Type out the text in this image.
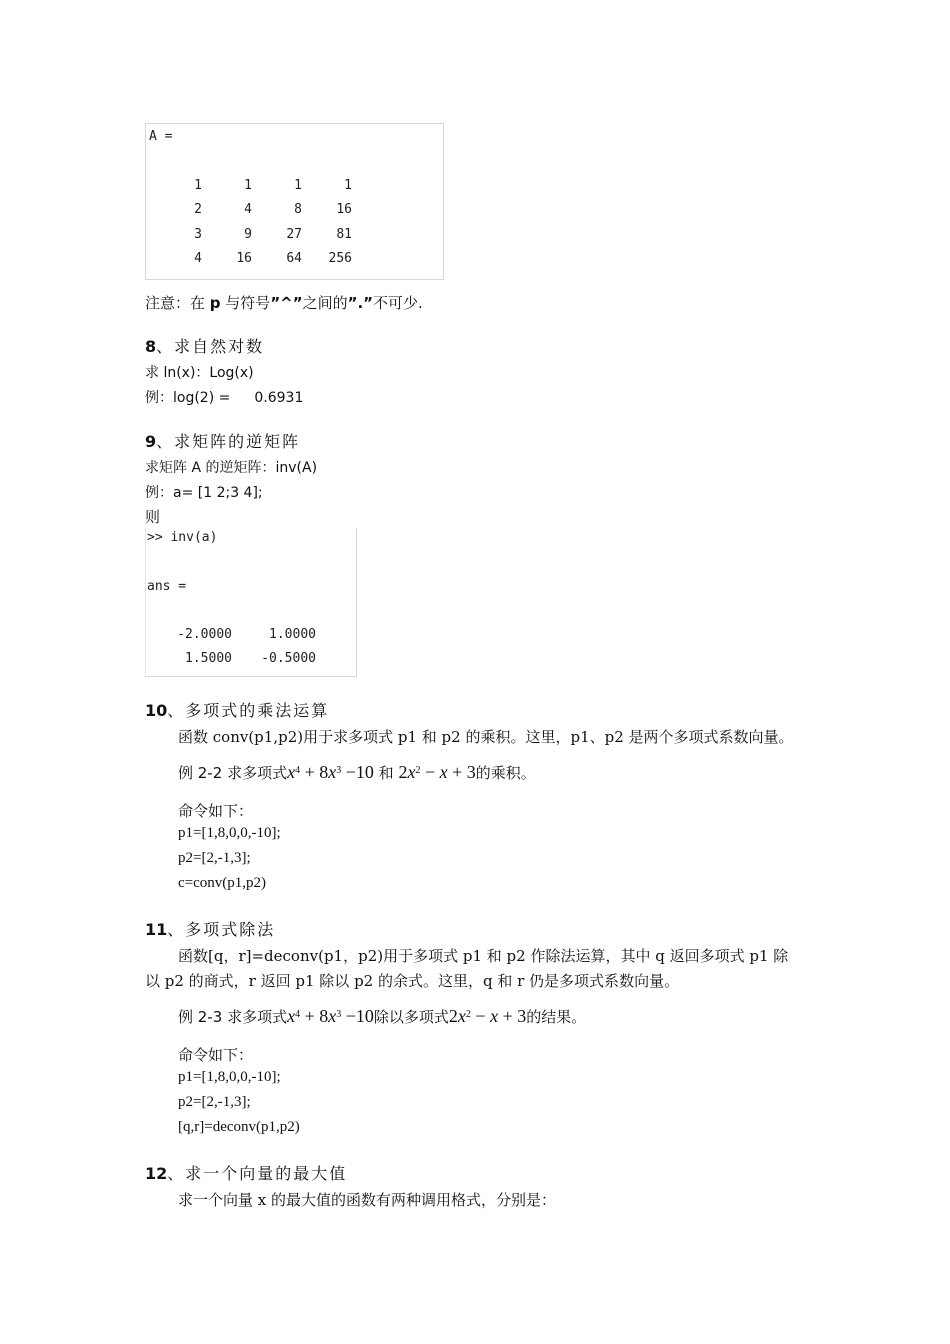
A =
1	1	1	1
2	4	8	16
3	9	27	81
4	16	64	256
注意：在 p 与符号”^”之间的”.”不可少.
8、求自然对数
求 ln(x)：Log(x)
例：log(2) = 0.6931
9、求矩阵的逆矩阵
求矩阵 A 的逆矩阵：inv(A)
例：a= [1 2;3 4];
则
>> inv(a)
ans =
-2.0000	1.0000
1.5000	-0.5000
10、多项式的乘法运算
函数 conv(p1,p2)用于求多项式 p1 和 p2 的乘积。这里，p1、p2 是两个多项式系数向量。
例 2-2 求多项式$x^4 + 8x^3 -10$ 和 $2x^2 - x + 3$的乘积。
命令如下：
p1=[1,8,0,0,-10];
p2=[2,-1,3];
c=conv(p1,p2)
11、多项式除法
函数[q，r]=deconv(p1，p2)用于多项式 p1 和 p2 作除法运算，其中 q 返回多项式 p1 除
以 p2 的商式，r 返回 p1 除以 p2 的余式。这里，q 和 r 仍是多项式系数向量。
例 2-3 求多项式$x^4 + 8x^3 -10$除以多项式$2x^2 - x + 3$的结果。
命令如下：
p1=[1,8,0,0,-10];
p2=[2,-1,3];
[q,r]=deconv(p1,p2)
12、求一个向量的最大值
求一个向量 x 的最大值的函数有两种调用格式，分别是：
